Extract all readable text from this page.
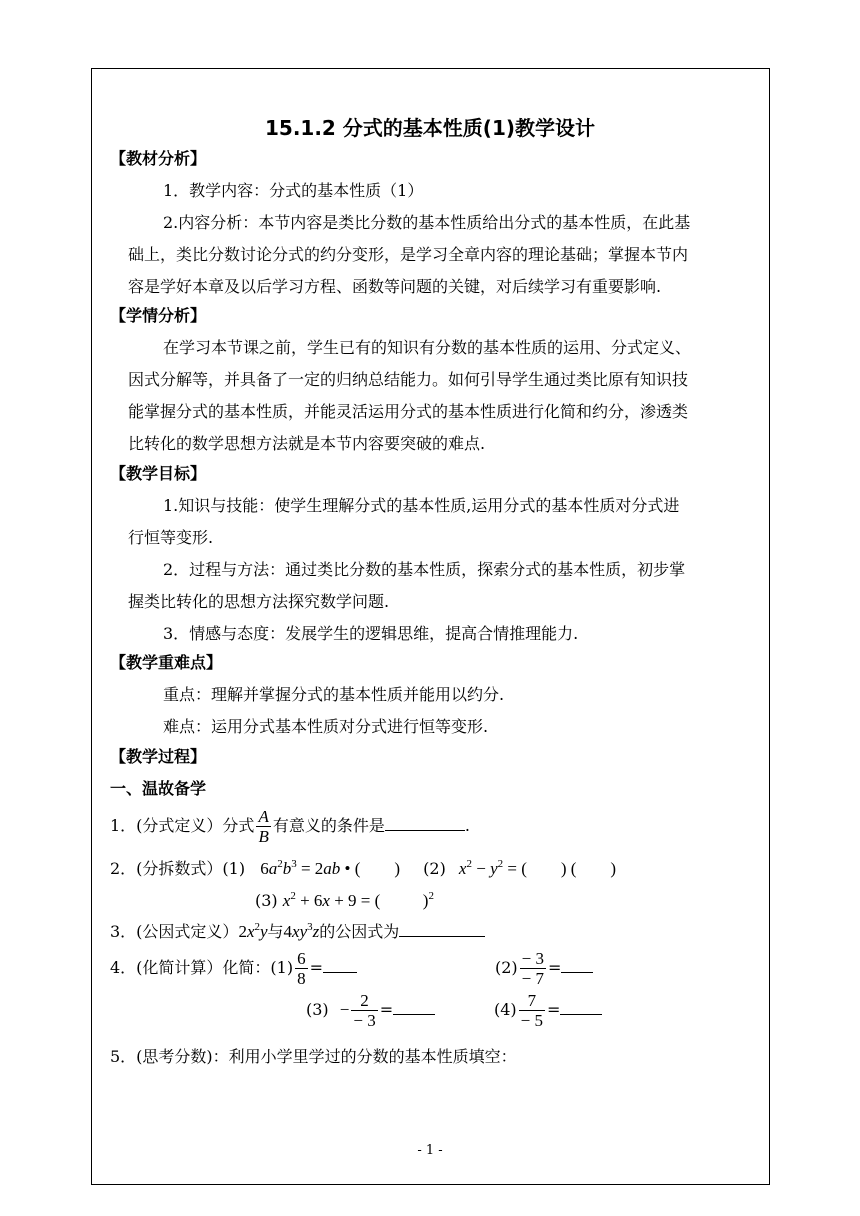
15.1.2 分式的基本性质(1)教学设计
【教材分析】
1．教学内容：分式的基本性质（1）
2.内容分析：本节内容是类比分数的基本性质给出分式的基本性质，在此基
础上，类比分数讨论分式的约分变形，是学习全章内容的理论基础；掌握本节内
容是学好本章及以后学习方程、函数等问题的关键，对后续学习有重要影响.
【学情分析】
在学习本节课之前，学生已有的知识有分数的基本性质的运用、分式定义、
因式分解等，并具备了一定的归纳总结能力。如何引导学生通过类比原有知识技
能掌握分式的基本性质，并能灵活运用分式的基本性质进行化简和约分，渗透类
比转化的数学思想方法就是本节内容要突破的难点.
【教学目标】
1.知识与技能：使学生理解分式的基本性质,运用分式的基本性质对分式进
行恒等变形.
2．过程与方法：通过类比分数的基本性质，探索分式的基本性质，初步掌
握类比转化的思想方法探究数学问题.
3．情感与态度：发展学生的逻辑思维，提高合情推理能力.
【教学重难点】
重点：理解并掌握分式的基本性质并能用以约分.
难点：运用分式基本性质对分式进行恒等变形.
【教学过程】
一、温故备学
1．(分式定义）分式 $\frac{A}{B}$ 有意义的条件是	.
2．(分拆数式）(1) $6a^2b^3 = 2ab$ • (        ) (2) $x^2 - y^2$ = (        ) (        )
(3) $x^2 + 6x + 9$ = (          )$^2$
3．(公因式定义）$2x^2y$与$4xy^3z$的公因式为
4．(化简计算）化简：$(1) \frac{6}{8}$ =	$(2) \frac{- 3}{- 7}$ =
$(3) - \frac{2}{- 3}$ =	$(4) \frac{7}{- 5}$ =
5．(思考分数)：利用小学里学过的分数的基本性质填空：
- 1 -
